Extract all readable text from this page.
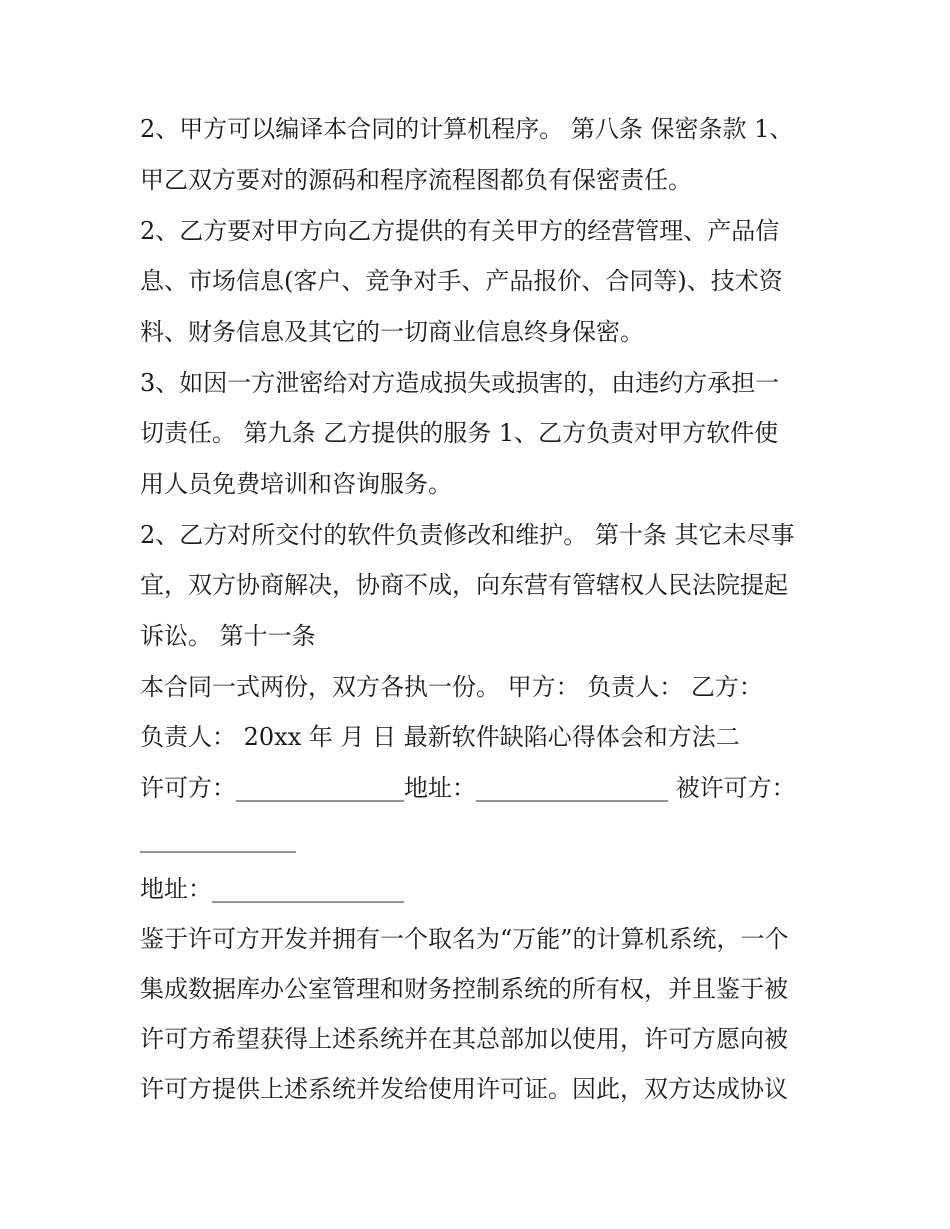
2、甲方可以编译本合同的计算机程序。 第八条 保密条款 1、
甲乙双方要对的源码和程序流程图都负有保密责任。
2、乙方要对甲方向乙方提供的有关甲方的经营管理、产品信
息、市场信息(客户、竞争对手、产品报价、合同等)、技术资
料、财务信息及其它的一切商业信息终身保密。
3、如因一方泄密给对方造成损失或损害的，由违约方承担一
切责任。 第九条 乙方提供的服务 1、乙方负责对甲方软件使
用人员免费培训和咨询服务。
2、乙方对所交付的软件负责修改和维护。 第十条 其它未尽事
宜，双方协商解决，协商不成，向东营有管辖权人民法院提起
诉讼。 第十一条
本合同一式两份，双方各执一份。 甲方： 负责人： 乙方：
负责人： 20xx 年 月 日 最新软件缺陷心得体会和方法二
许可方：______________地址：________________ 被许可方：
_____________
地址：________________
鉴于许可方开发并拥有一个取名为“万能”的计算机系统，一个
集成数据库办公室管理和财务控制系统的所有权，并且鉴于被
许可方希望获得上述系统并在其总部加以使用，许可方愿向被
许可方提供上述系统并发给使用许可证。因此，双方达成协议
